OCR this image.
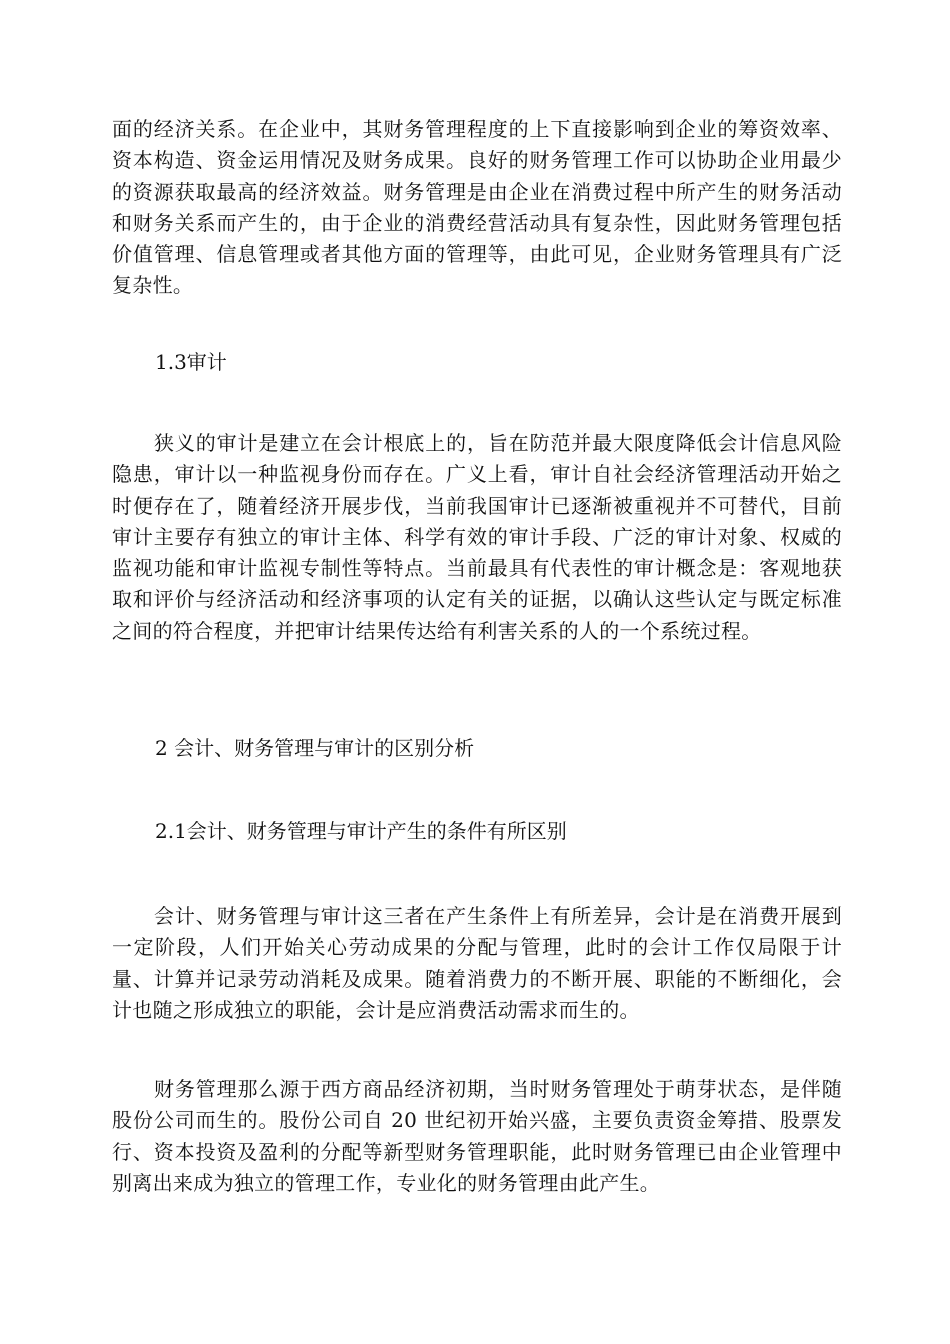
面的经济关系。在企业中，其财务管理程度的上下直接影响到企业的筹资效率、资本构造、资金运用情况及财务成果。良好的财务管理工作可以协助企业用最少的资源获取最高的经济效益。财务管理是由企业在消费过程中所产生的财务活动和财务关系而产生的，由于企业的消费经营活动具有复杂性，因此财务管理包括价值管理、信息管理或者其他方面的管理等，由此可见，企业财务管理具有广泛复杂性。

1.3审计

狭义的审计是建立在会计根底上的，旨在防范并最大限度降低会计信息风险隐患，审计以一种监视身份而存在。广义上看，审计自社会经济管理活动开始之时便存在了，随着经济开展步伐，当前我国审计已逐渐被重视并不可替代，目前审计主要存有独立的审计主体、科学有效的审计手段、广泛的审计对象、权威的监视功能和审计监视专制性等特点。当前最具有代表性的审计概念是：客观地获取和评价与经济活动和经济事项的认定有关的证据，以确认这些认定与既定标准之间的符合程度，并把审计结果传达给有利害关系的人的一个系统过程。

2 会计、财务管理与审计的区别分析

2.1会计、财务管理与审计产生的条件有所区别

会计、财务管理与审计这三者在产生条件上有所差异，会计是在消费开展到一定阶段，人们开始关心劳动成果的分配与管理，此时的会计工作仅局限于计量、计算并记录劳动消耗及成果。随着消费力的不断开展、职能的不断细化，会计也随之形成独立的职能，会计是应消费活动需求而生的。

财务管理那么源于西方商品经济初期，当时财务管理处于萌芽状态，是伴随股份公司而生的。股份公司自 20 世纪初开始兴盛，主要负责资金筹措、股票发行、资本投资及盈利的分配等新型财务管理职能，此时财务管理已由企业管理中别离出来成为独立的管理工作，专业化的财务管理由此产生。
